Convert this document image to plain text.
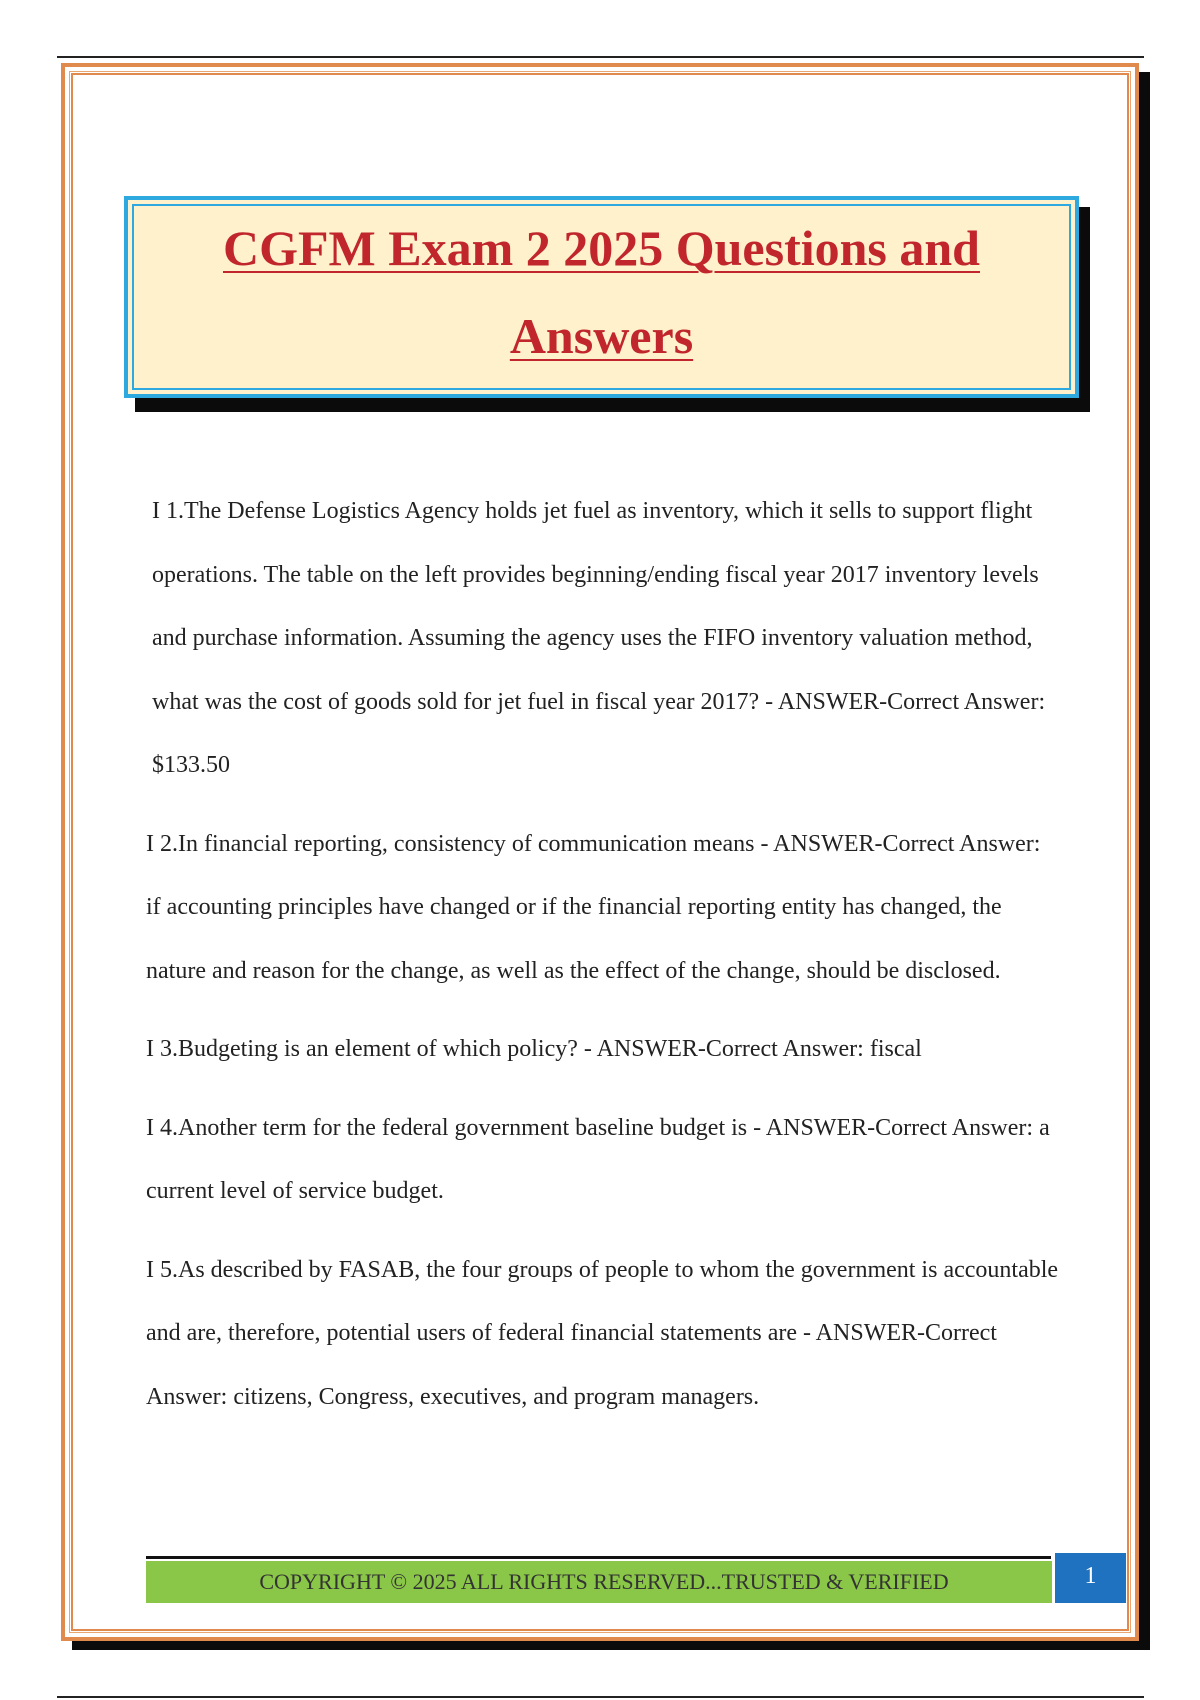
CGFM Exam 2 2025 Questions and Answers

I 1.The Defense Logistics Agency holds jet fuel as inventory, which it sells to support flight operations. The table on the left provides beginning/ending fiscal year 2017 inventory levels and purchase information. Assuming the agency uses the FIFO inventory valuation method, what was the cost of goods sold for jet fuel in fiscal year 2017? - ANSWER-Correct Answer: $133.50

I 2.In financial reporting, consistency of communication means - ANSWER-Correct Answer: if accounting principles have changed or if the financial reporting entity has changed, the nature and reason for the change, as well as the effect of the change, should be disclosed.

I 3.Budgeting is an element of which policy? - ANSWER-Correct Answer: fiscal

I 4.Another term for the federal government baseline budget is - ANSWER-Correct Answer: a current level of service budget.

I 5.As described by FASAB, the four groups of people to whom the government is accountable and are, therefore, potential users of federal financial statements are - ANSWER-Correct Answer: citizens, Congress, executives, and program managers.

COPYRIGHT © 2025 ALL RIGHTS RESERVED...TRUSTED & VERIFIED	1
